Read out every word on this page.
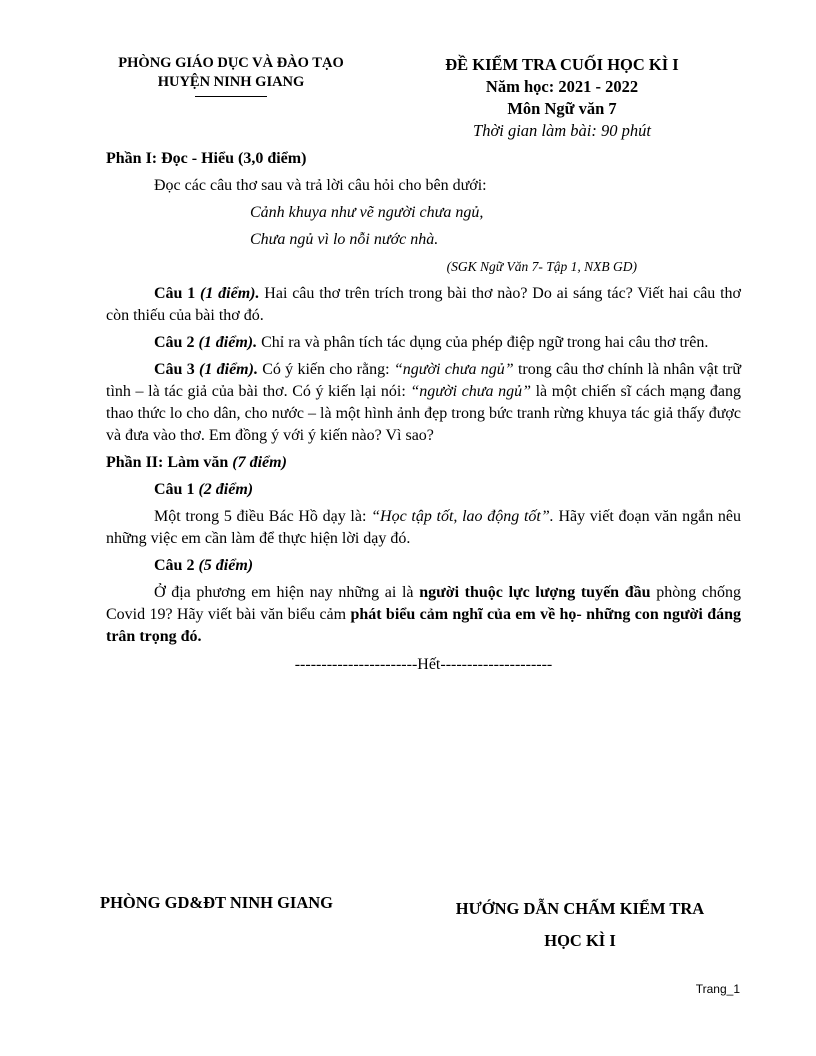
PHÒNG GIÁO DỤC VÀ ĐÀO TẠO
HUYỆN NINH GIANG
ĐỀ KIỂM TRA CUỐI HỌC KÌ I
Năm học: 2021 - 2022
Môn Ngữ văn 7
Thời gian làm bài: 90 phút

Phần I: Đọc - Hiểu (3,0 điểm)

Đọc các câu thơ sau và trả lời câu hỏi cho bên dưới:

Cảnh khuya như vẽ người chưa ngủ,

Chưa ngủ vì lo nỗi nước nhà.

(SGK Ngữ Văn 7- Tập 1, NXB GD)

Câu 1 (1 điểm). Hai câu thơ trên trích trong bài thơ nào? Do ai sáng tác? Viết hai câu thơ còn thiếu của bài thơ đó.

Câu 2 (1 điểm). Chỉ ra và phân tích tác dụng của phép điệp ngữ trong hai câu thơ trên.

Câu 3 (1 điểm). Có ý kiến cho rằng: “người chưa ngủ” trong câu thơ chính là nhân vật trữ tình – là tác giả của bài thơ. Có ý kiến lại nói: “người chưa ngủ” là một chiến sĩ cách mạng đang thao thức lo cho dân, cho nước – là một hình ảnh đẹp trong bức tranh rừng khuya tác giả thấy được và đưa vào thơ. Em đồng ý với ý kiến nào? Vì sao?

Phần II: Làm văn (7 điểm)

Câu 1 (2 điểm)

Một trong 5 điều Bác Hồ dạy là: “Học tập tốt, lao động tốt”. Hãy viết đoạn văn ngắn nêu những việc em cần làm để thực hiện lời dạy đó.

Câu 2 (5 điểm)

Ở địa phương em hiện nay những ai là người thuộc lực lượng tuyến đầu phòng chống Covid 19? Hãy viết bài văn biểu cảm phát biểu cảm nghĩ của em về họ- những con người đáng trân trọng đó.

-----------------------Hết---------------------

PHÒNG GD&ĐT NINH GIANG	HƯỚNG DẪN CHẤM KIỂM TRA
HỌC KÌ I
Trang_1
